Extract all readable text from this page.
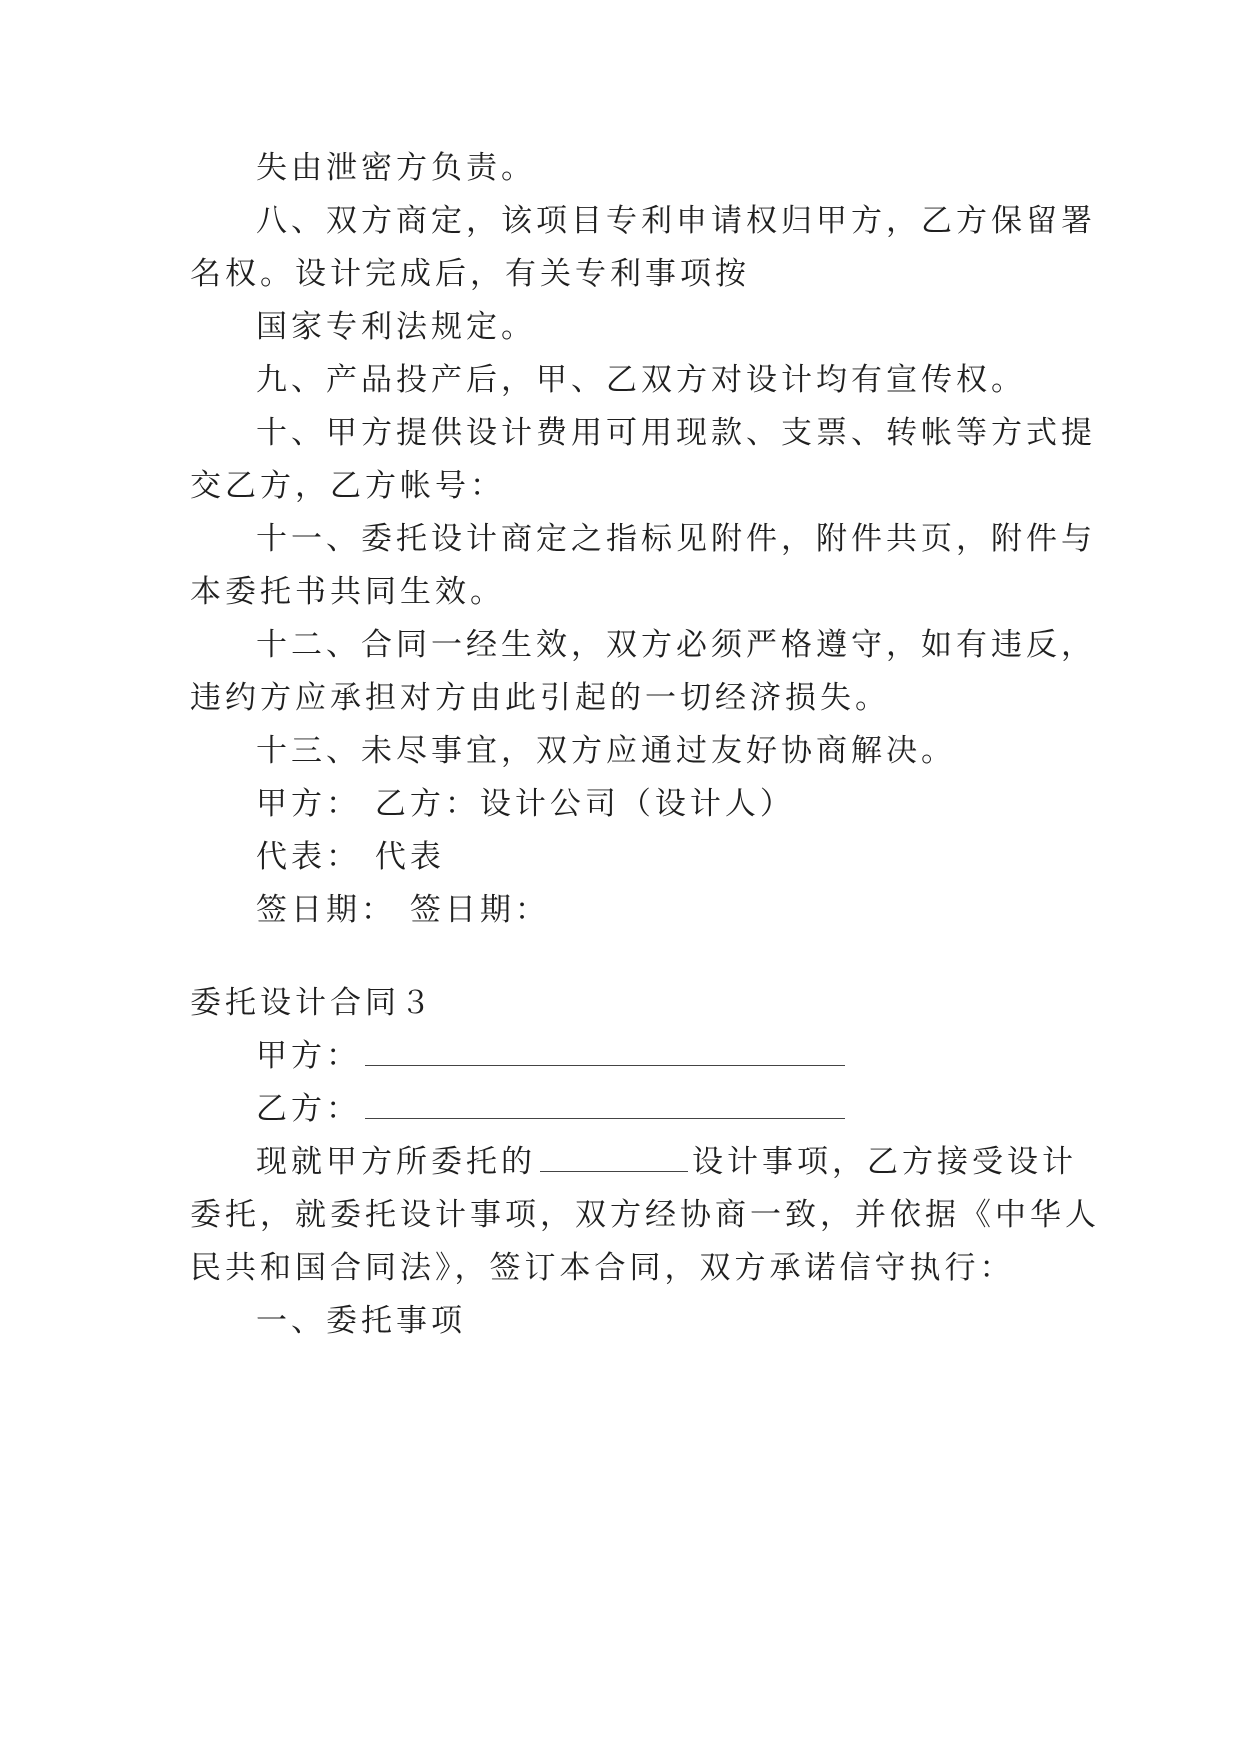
失由泄密方负责。
八、双方商定，该项目专利申请权归甲方，乙方保留署
名权。设计完成后，有关专利事项按
国家专利法规定。
九、产品投产后，甲、乙双方对设计均有宣传权。
十、甲方提供设计费用可用现款、支票、转帐等方式提
交乙方，乙方帐号：
十一、委托设计商定之指标见附件，附件共页，附件与
本委托书共同生效。
十二、合同一经生效，双方必须严格遵守，如有违反，
违约方应承担对方由此引起的一切经济损失。
十三、未尽事宜，双方应通过友好协商解决。
甲方： 乙方：设计公司（设计人）
代表： 代表
签日期： 签日期：
委托设计合同３
甲方：
乙方：
现就甲方所委托的	设计事项，乙方接受设计
委托，就委托设计事项，双方经协商一致，并依据《中华人
民共和国合同法》，签订本合同，双方承诺信守执行：
一、委托事项
